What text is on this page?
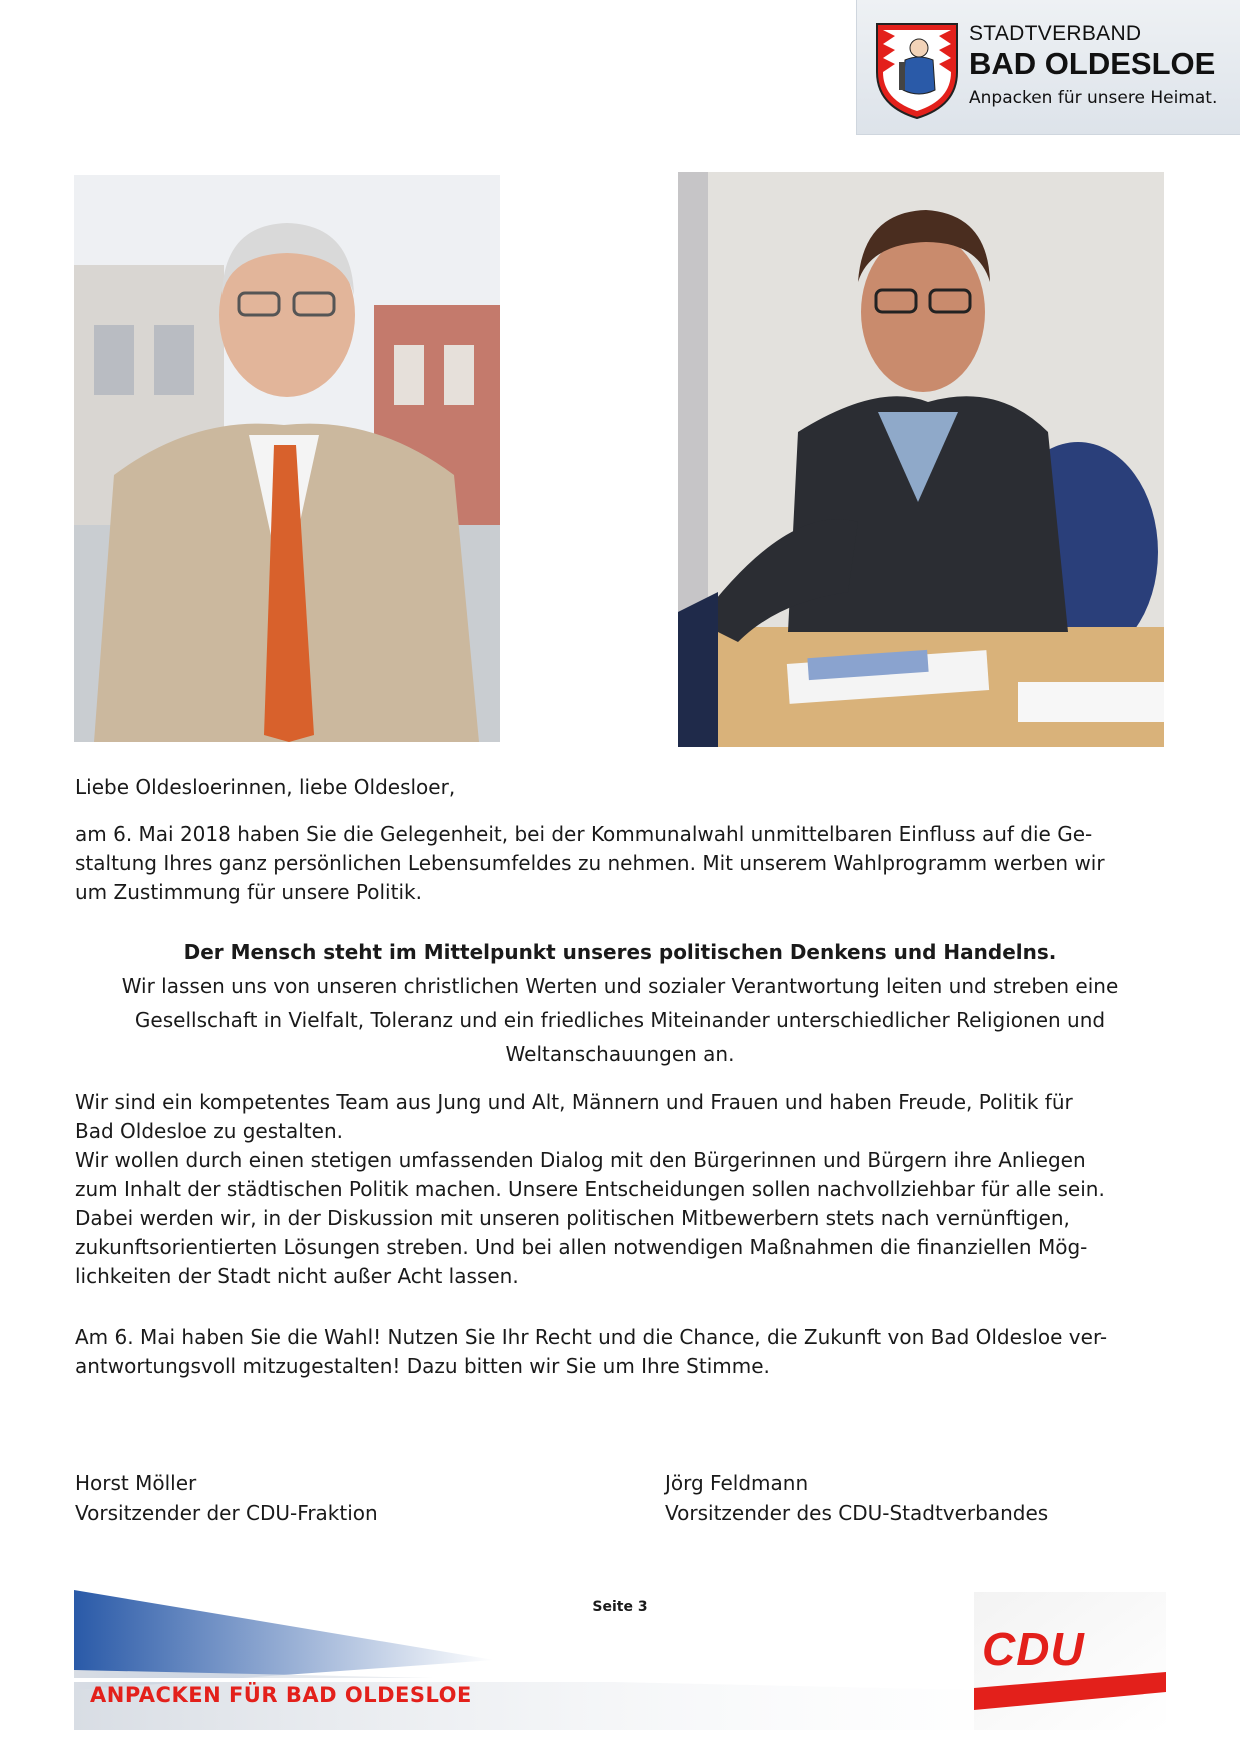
STADTVERBAND
BAD OLDESLOE
Anpacken für unsere Heimat.
Liebe Oldesloerinnen, liebe Oldesloer,
am 6. Mai 2018 haben Sie die Gelegenheit, bei der Kommunalwahl unmittelbaren Einfluss auf die Ge-
staltung Ihres ganz persönlichen Lebensumfeldes zu nehmen. Mit unserem Wahlprogramm werben wir
um Zustimmung für unsere Politik.
Der Mensch steht im Mittelpunkt unseres politischen Denkens und Handelns.
Wir lassen uns von unseren christlichen Werten und sozialer Verantwortung leiten und streben eine
Gesellschaft in Vielfalt, Toleranz und ein friedliches Miteinander unterschiedlicher Religionen und
Weltanschauungen an.
Wir sind ein kompetentes Team aus Jung und Alt, Männern und Frauen und haben Freude, Politik für
Bad Oldesloe zu gestalten.
Wir wollen durch einen stetigen umfassenden Dialog mit den Bürgerinnen und Bürgern ihre Anliegen
zum Inhalt der städtischen Politik machen. Unsere Entscheidungen sollen nachvollziehbar für alle sein.
Dabei werden wir, in der Diskussion mit unseren politischen Mitbewerbern stets nach vernünftigen,
zukunftsorientierten Lösungen streben. Und bei allen notwendigen Maßnahmen die finanziellen Mög-
lichkeiten der Stadt nicht außer Acht lassen.
Am 6. Mai haben Sie die Wahl! Nutzen Sie Ihr Recht und die Chance, die Zukunft von Bad Oldesloe ver-
antwortungsvoll mitzugestalten! Dazu bitten wir Sie um Ihre Stimme.
Horst Möller
Vorsitzender der CDU-Fraktion
Jörg Feldmann
Vorsitzender des CDU-Stadtverbandes
Seite 3
ANPACKEN FÜR BAD OLDESLOE
CDU
